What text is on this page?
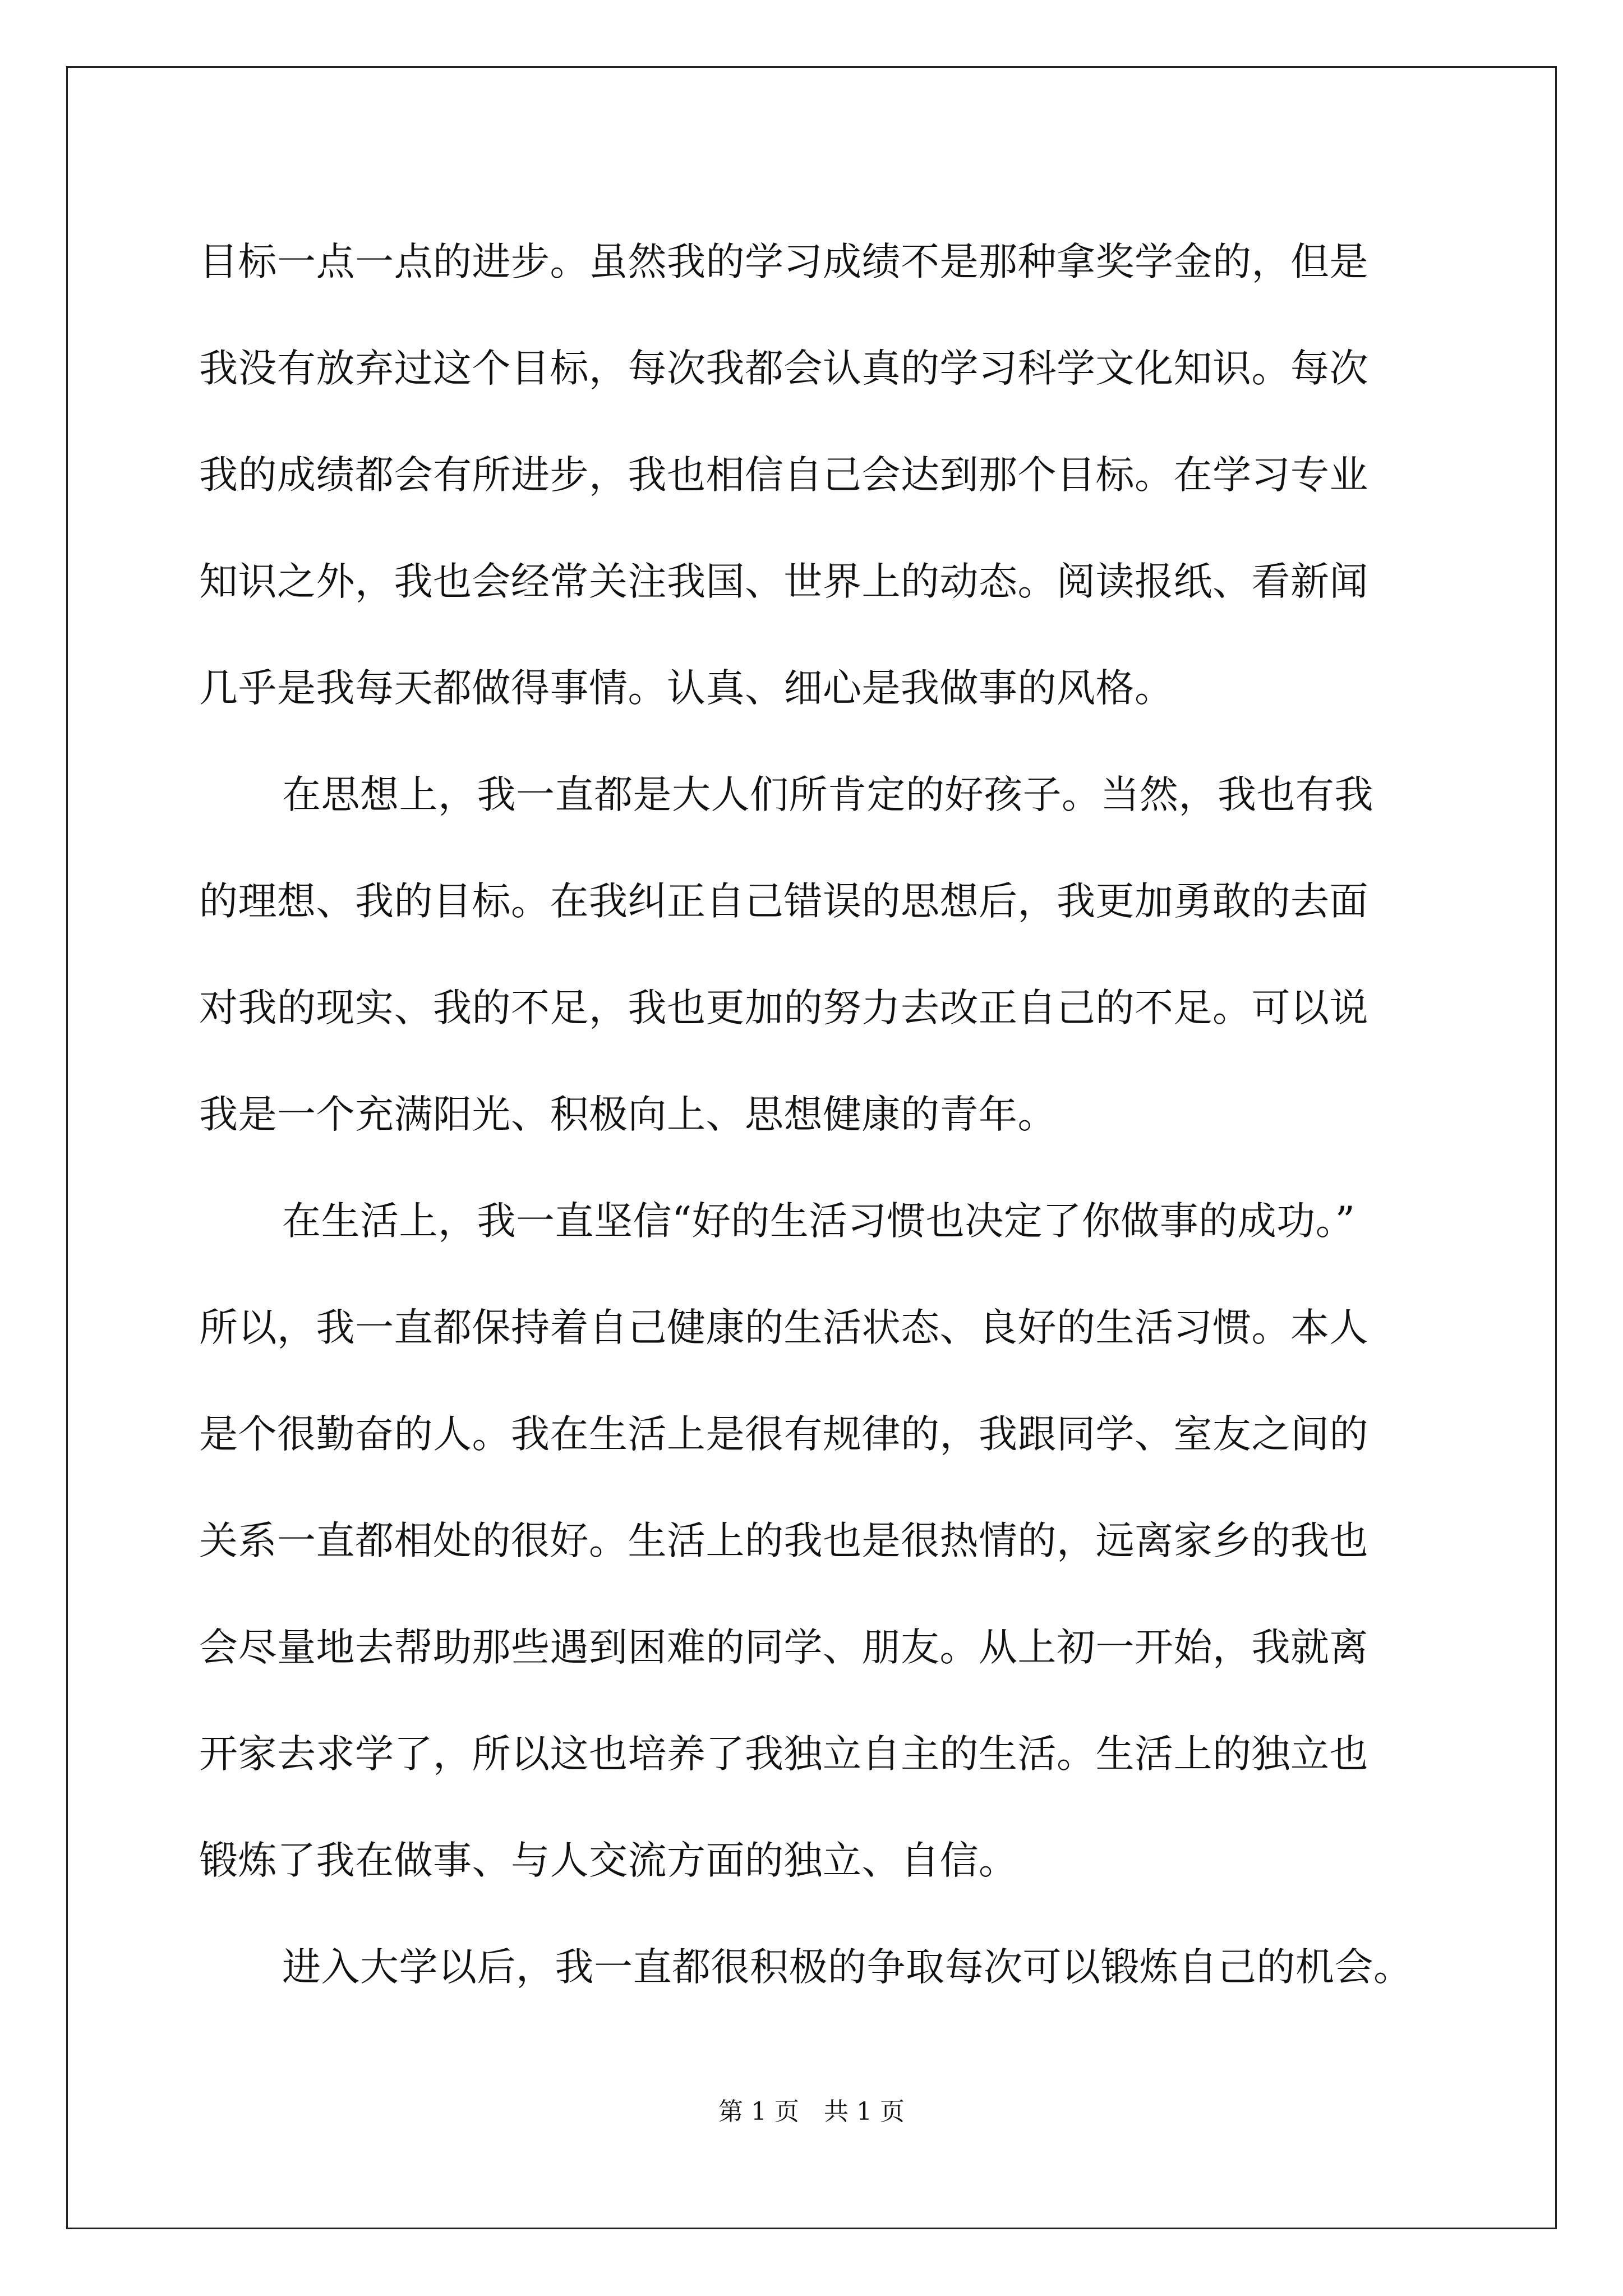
目标一点一点的进步。虽然我的学习成绩不是那种拿奖学金的，但是
我没有放弃过这个目标，每次我都会认真的学习科学文化知识。每次
我的成绩都会有所进步，我也相信自己会达到那个目标。在学习专业
知识之外，我也会经常关注我国、世界上的动态。阅读报纸、看新闻
几乎是我每天都做得事情。认真、细心是我做事的风格。
在思想上，我一直都是大人们所肯定的好孩子。当然，我也有我
的理想、我的目标。在我纠正自己错误的思想后，我更加勇敢的去面
对我的现实、我的不足，我也更加的努力去改正自己的不足。可以说
我是一个充满阳光、积极向上、思想健康的青年。
在生活上，我一直坚信“好的生活习惯也决定了你做事的成功。”
所以，我一直都保持着自己健康的生活状态、良好的生活习惯。本人
是个很勤奋的人。我在生活上是很有规律的，我跟同学、室友之间的
关系一直都相处的很好。生活上的我也是很热情的，远离家乡的我也
会尽量地去帮助那些遇到困难的同学、朋友。从上初一开始，我就离
开家去求学了，所以这也培养了我独立自主的生活。生活上的独立也
锻炼了我在做事、与人交流方面的独立、自信。
进入大学以后，我一直都很积极的争取每次可以锻炼自己的机会。
第 1 页　共 1 页
